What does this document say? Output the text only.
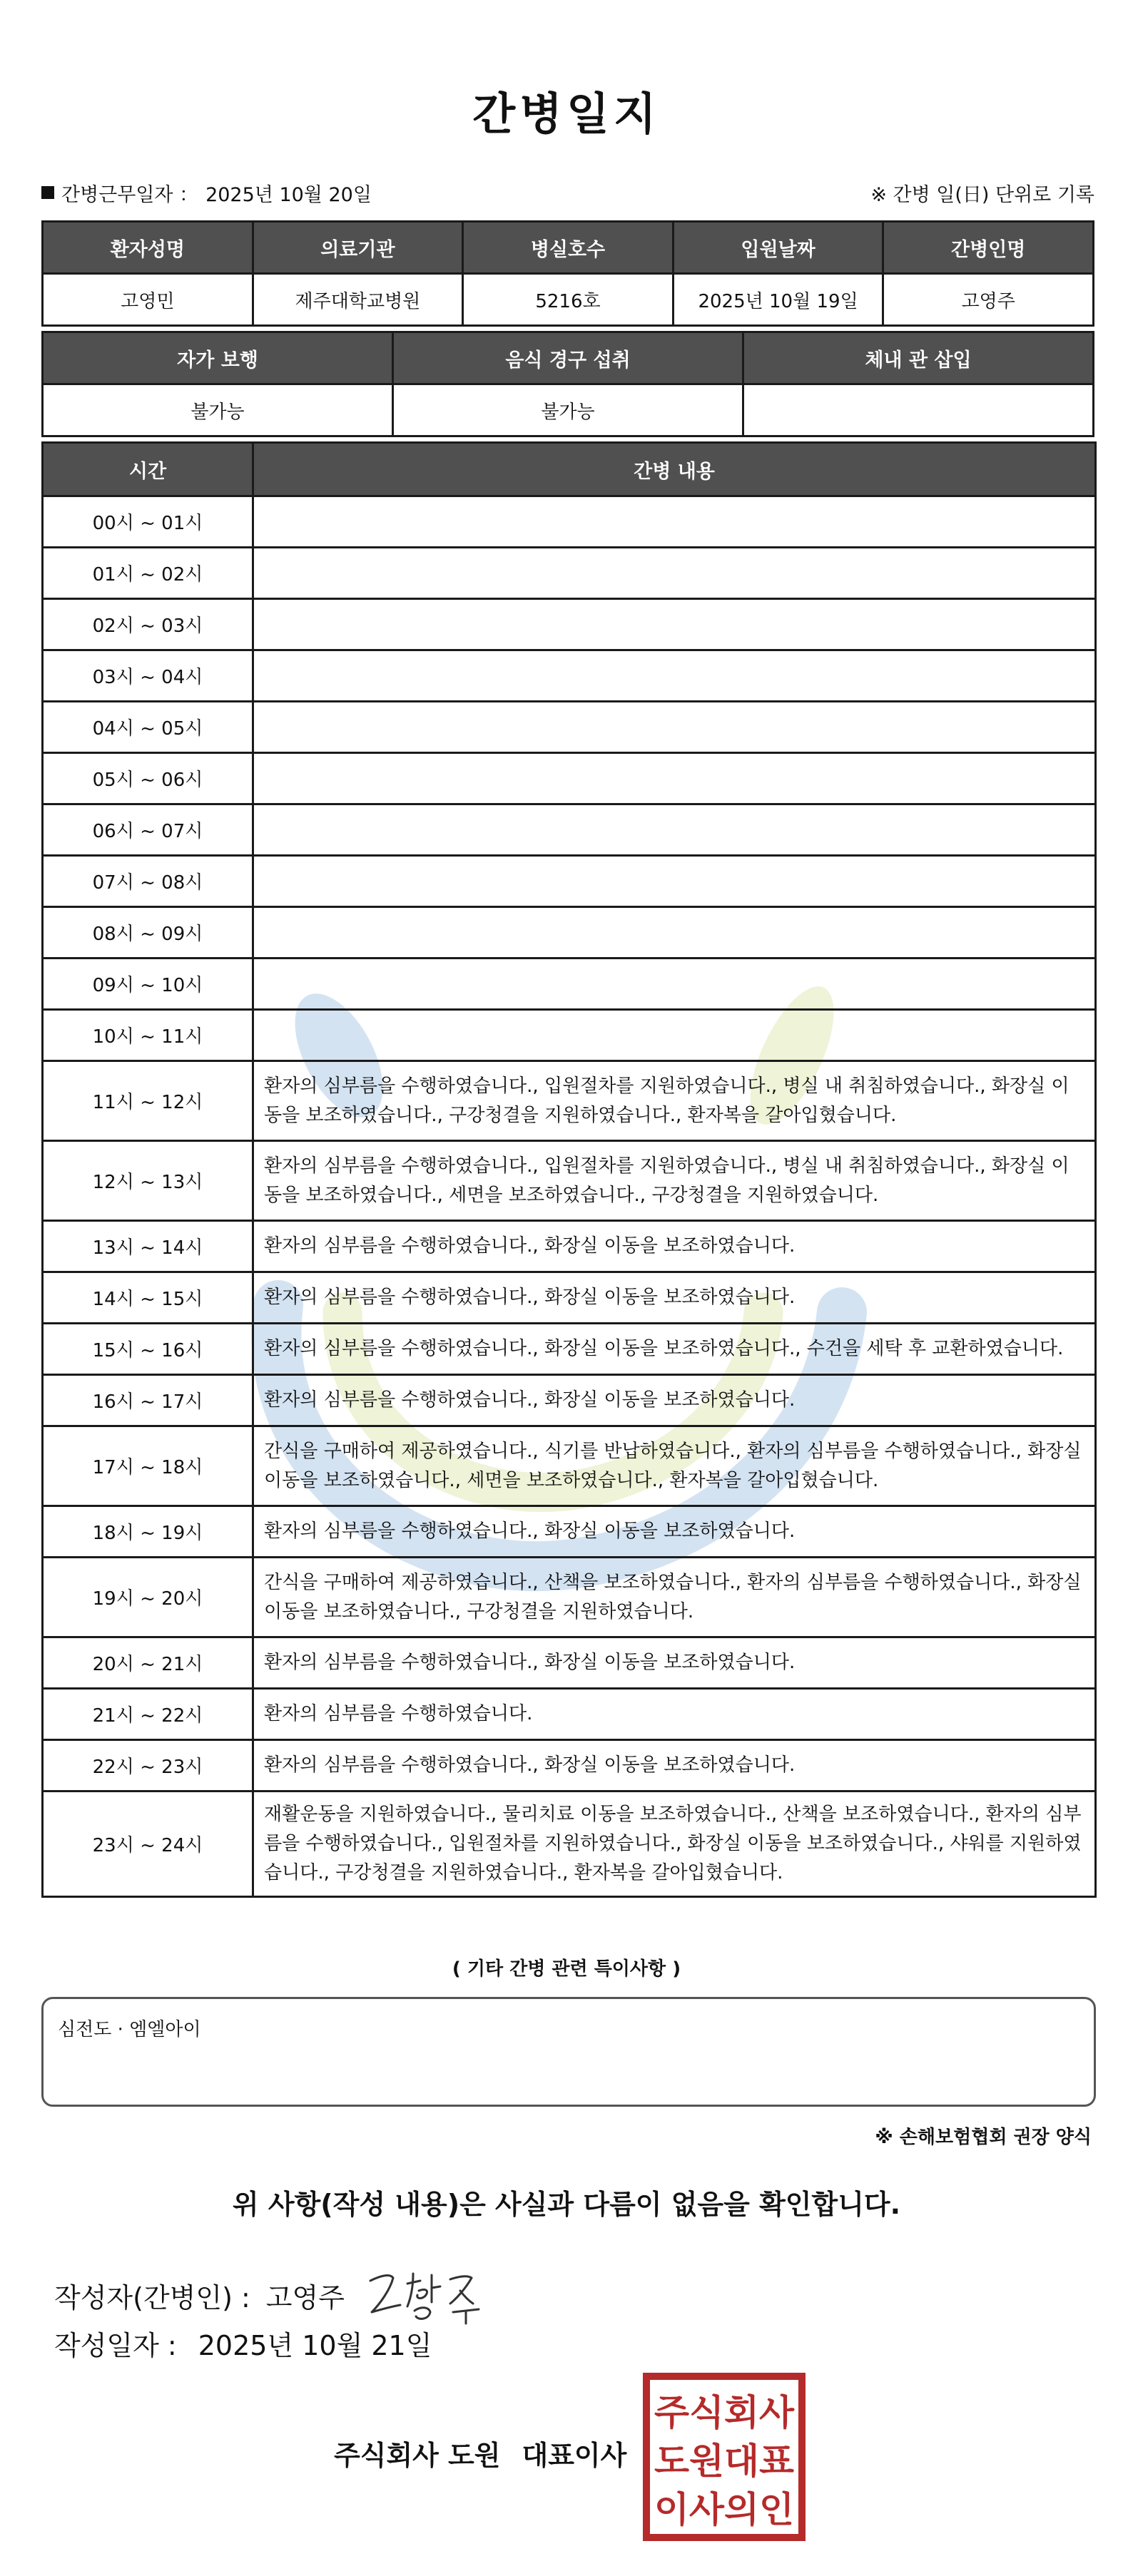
간병일지
간병근무일자 ： 2025년 10월 20일	※ 간병 일(日) 단위로 기록
환자성명	의료기관	병실호수	입원날짜	간병인명
고영민	제주대학교병원	5216호	2025년 10월 19일	고영주
자가 보행	음식 경구 섭취	체내 관 삽입
불가능	불가능	
시간	간병 내용
00시 ~ 01시	
01시 ~ 02시	
02시 ~ 03시	
03시 ~ 04시	
04시 ~ 05시	
05시 ~ 06시	
06시 ~ 07시	
07시 ~ 08시	
08시 ~ 09시	
09시 ~ 10시	
10시 ~ 11시	
11시 ~ 12시	환자의 심부름을 수행하였습니다., 입원절차를 지원하였습니다., 병실 내 취침하였습니다., 화장실 이동을 보조하였습니다., 구강청결을 지원하였습니다., 환자복을 갈아입혔습니다.
12시 ~ 13시	환자의 심부름을 수행하였습니다., 입원절차를 지원하였습니다., 병실 내 취침하였습니다., 화장실 이동을 보조하였습니다., 세면을 보조하였습니다., 구강청결을 지원하였습니다.
13시 ~ 14시	환자의 심부름을 수행하였습니다., 화장실 이동을 보조하였습니다.
14시 ~ 15시	환자의 심부름을 수행하였습니다., 화장실 이동을 보조하였습니다.
15시 ~ 16시	환자의 심부름을 수행하였습니다., 화장실 이동을 보조하였습니다., 수건을 세탁 후 교환하였습니다.
16시 ~ 17시	환자의 심부름을 수행하였습니다., 화장실 이동을 보조하였습니다.
17시 ~ 18시	간식을 구매하여 제공하였습니다., 식기를 반납하였습니다., 환자의 심부름을 수행하였습니다., 화장실 이동을 보조하였습니다., 세면을 보조하였습니다., 환자복을 갈아입혔습니다.
18시 ~ 19시	환자의 심부름을 수행하였습니다., 화장실 이동을 보조하였습니다.
19시 ~ 20시	간식을 구매하여 제공하였습니다., 산책을 보조하였습니다., 환자의 심부름을 수행하였습니다., 화장실 이동을 보조하였습니다., 구강청결을 지원하였습니다.
20시 ~ 21시	환자의 심부름을 수행하였습니다., 화장실 이동을 보조하였습니다.
21시 ~ 22시	환자의 심부름을 수행하였습니다.
22시 ~ 23시	환자의 심부름을 수행하였습니다., 화장실 이동을 보조하였습니다.
23시 ~ 24시	재활운동을 지원하였습니다., 물리치료 이동을 보조하였습니다., 산책을 보조하였습니다., 환자의 심부름을 수행하였습니다., 입원절차를 지원하였습니다., 화장실 이동을 보조하였습니다., 샤워를 지원하였습니다., 구강청결을 지원하였습니다., 환자복을 갈아입혔습니다.
( 기타 간병 관련 특이사항 )
심전도 · 엠엘아이
※ 손해보험협회 권장 양식
위 사항(작성 내용)은 사실과 다름이 없음을 확인합니다.
작성자(간병인) : 고영주
작성일자 : 2025년 10월 21일
주식회사 도원 대표이사
주식회사
도원대표
이사의인
